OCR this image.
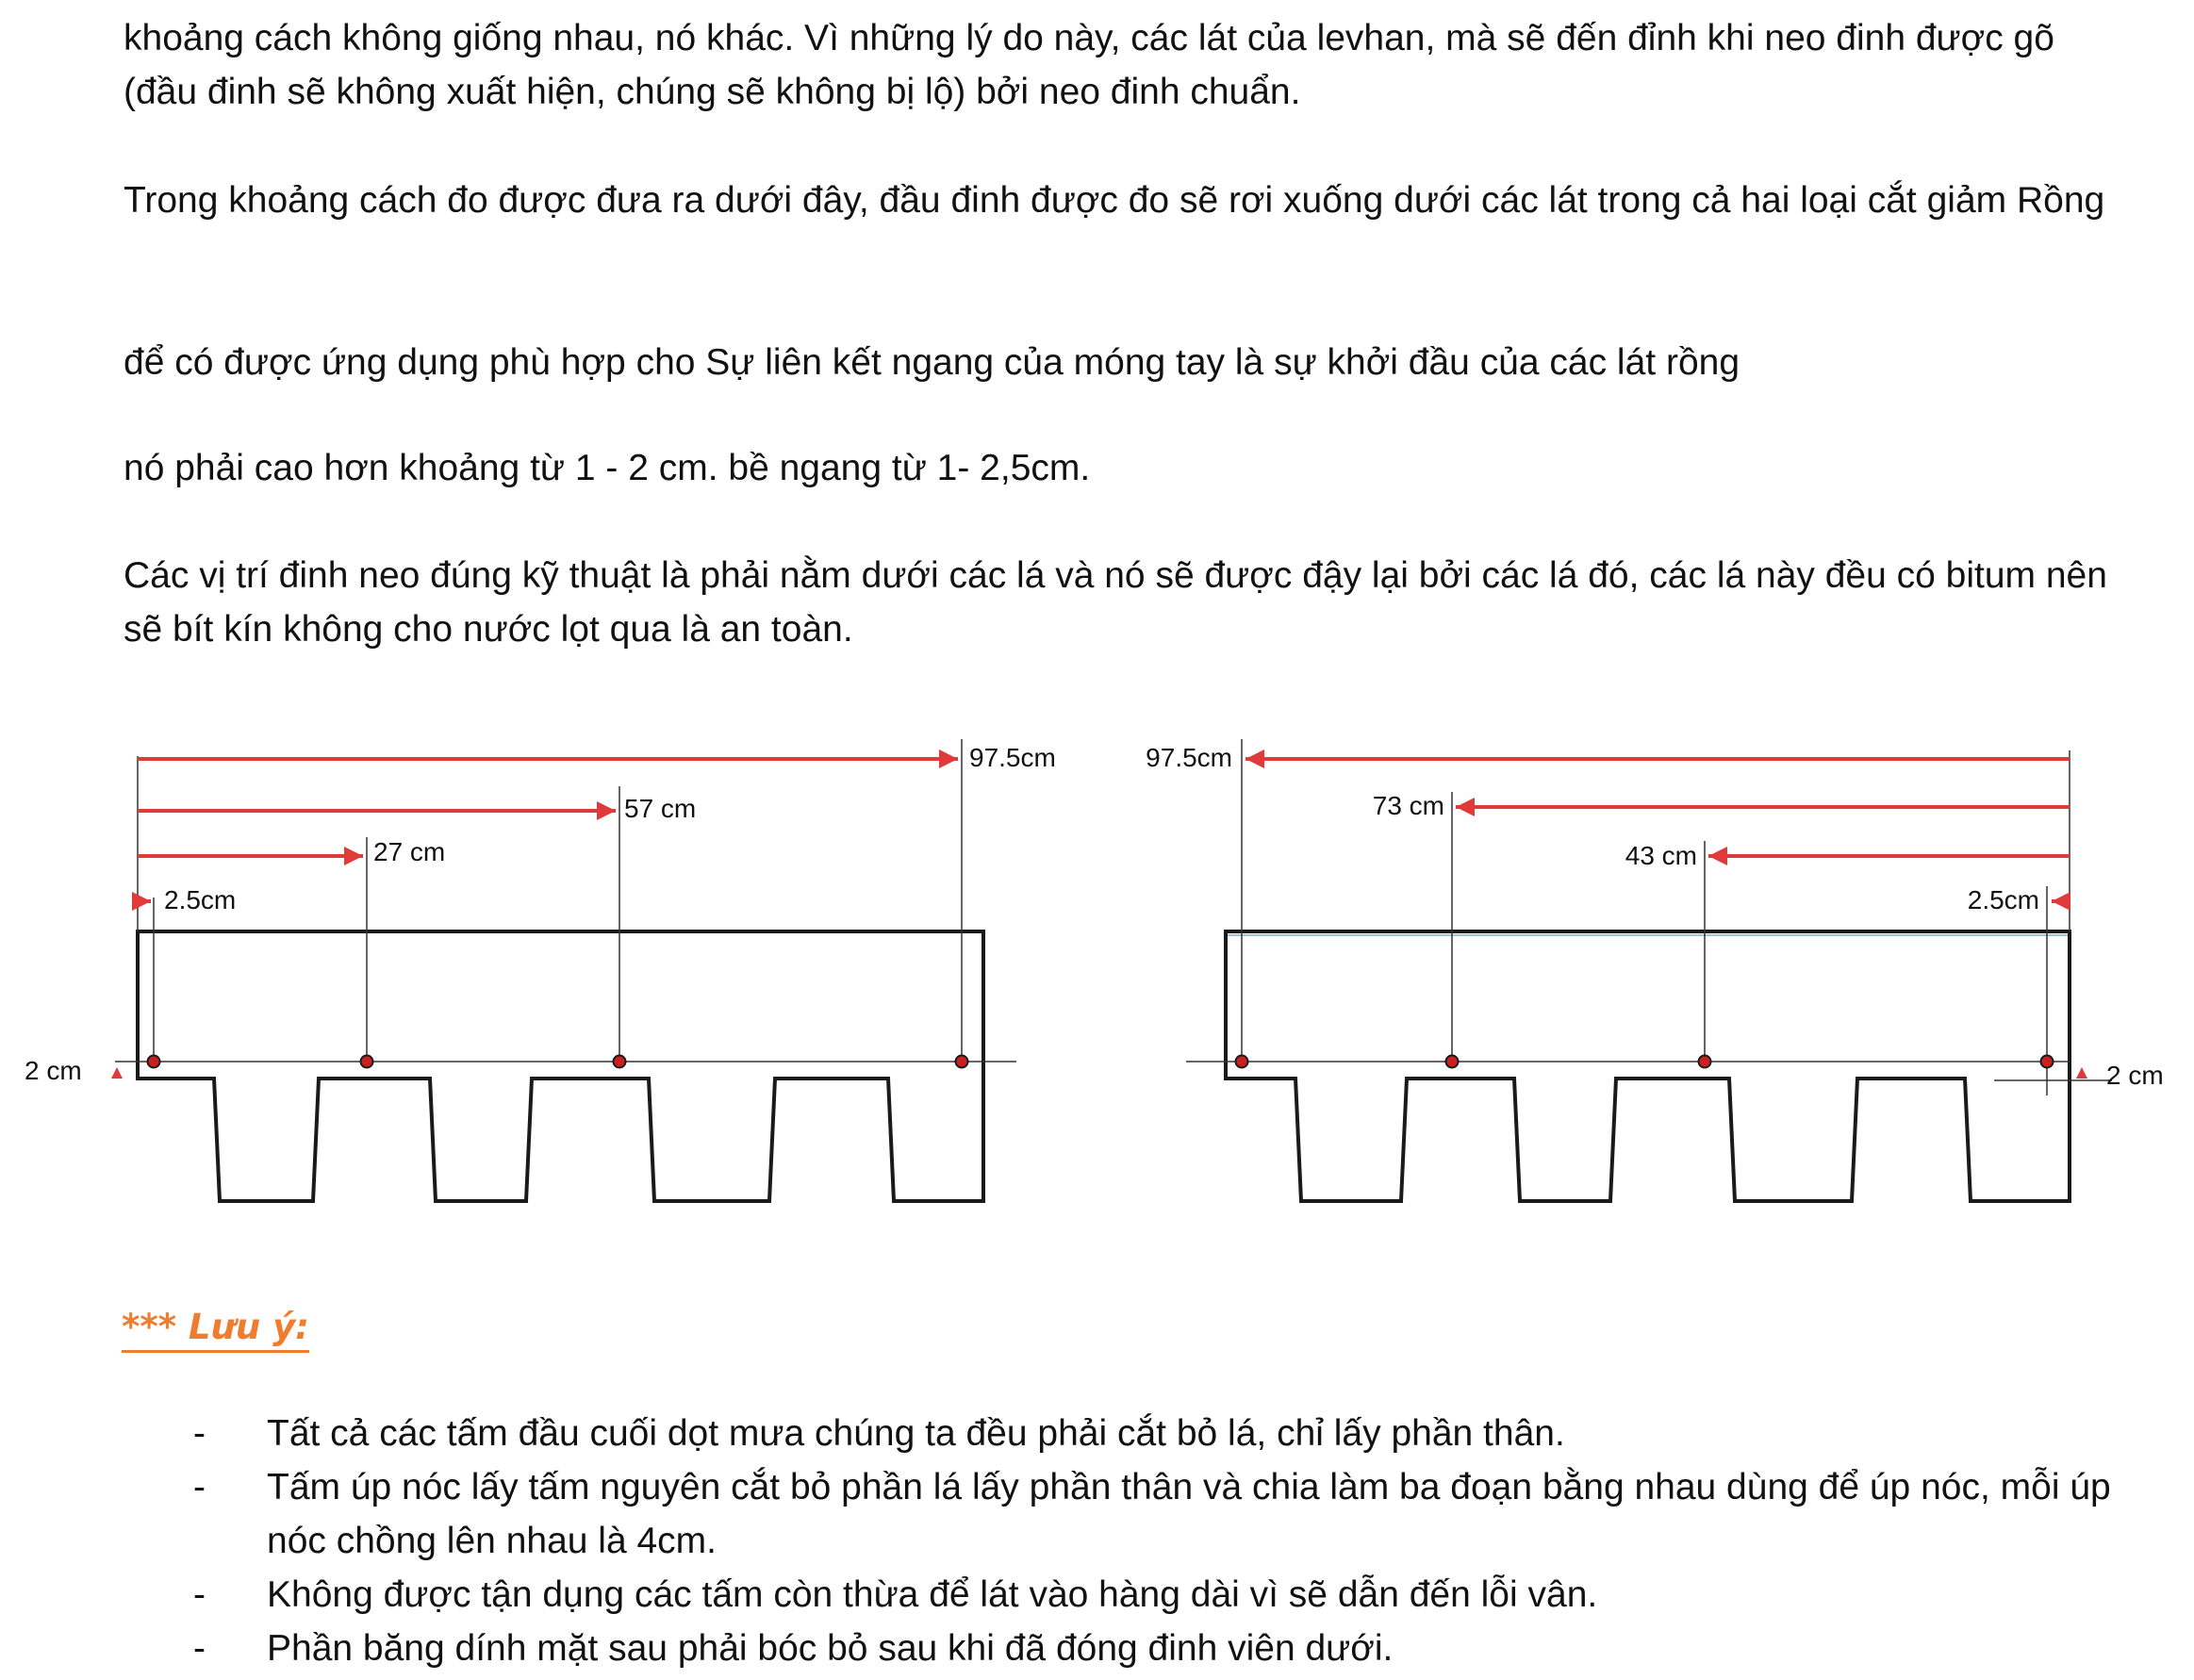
khoảng cách không giống nhau, nó khác. Vì những lý do này, các lát của levhan, mà sẽ đến đỉnh khi neo đinh được gõ (đầu đinh sẽ không xuất hiện, chúng sẽ không bị lộ) bởi neo đinh chuẩn.

Trong khoảng cách đo được đưa ra dưới đây, đầu đinh được đo sẽ rơi xuống dưới các lát trong cả hai loại cắt giảm Rồng

để có được ứng dụng phù hợp cho Sự liên kết ngang của móng tay là sự khởi đầu của các lát rồng

nó phải cao hơn khoảng từ 1 - 2 cm. bề ngang từ 1- 2,5cm.

Các vị trí đinh neo đúng kỹ thuật là phải nằm dưới các lá và nó sẽ được đậy lại bởi các lá đó, các lá này đều có bitum nên sẽ bít kín không cho nước lọt qua là an toàn.

97.5cm
57 cm
27 cm
2.5cm
2 cm
97.5cm
73 cm
43 cm
2.5cm
2 cm
*** Lưu ý:
- Tất cả các tấm đầu cuối dọt mưa chúng ta đều phải cắt bỏ lá, chỉ lấy phần thân.
- Tấm úp nóc lấy tấm nguyên cắt bỏ phần lá lấy phần thân và chia làm ba đoạn bằng nhau dùng để úp nóc, mỗi úp nóc chồng lên nhau là 4cm.
- Không được tận dụng các tấm còn thừa để lát vào hàng dài vì sẽ dẫn đến lỗi vân.
- Phần băng dính mặt sau phải bóc bỏ sau khi đã đóng đinh viên dưới.
